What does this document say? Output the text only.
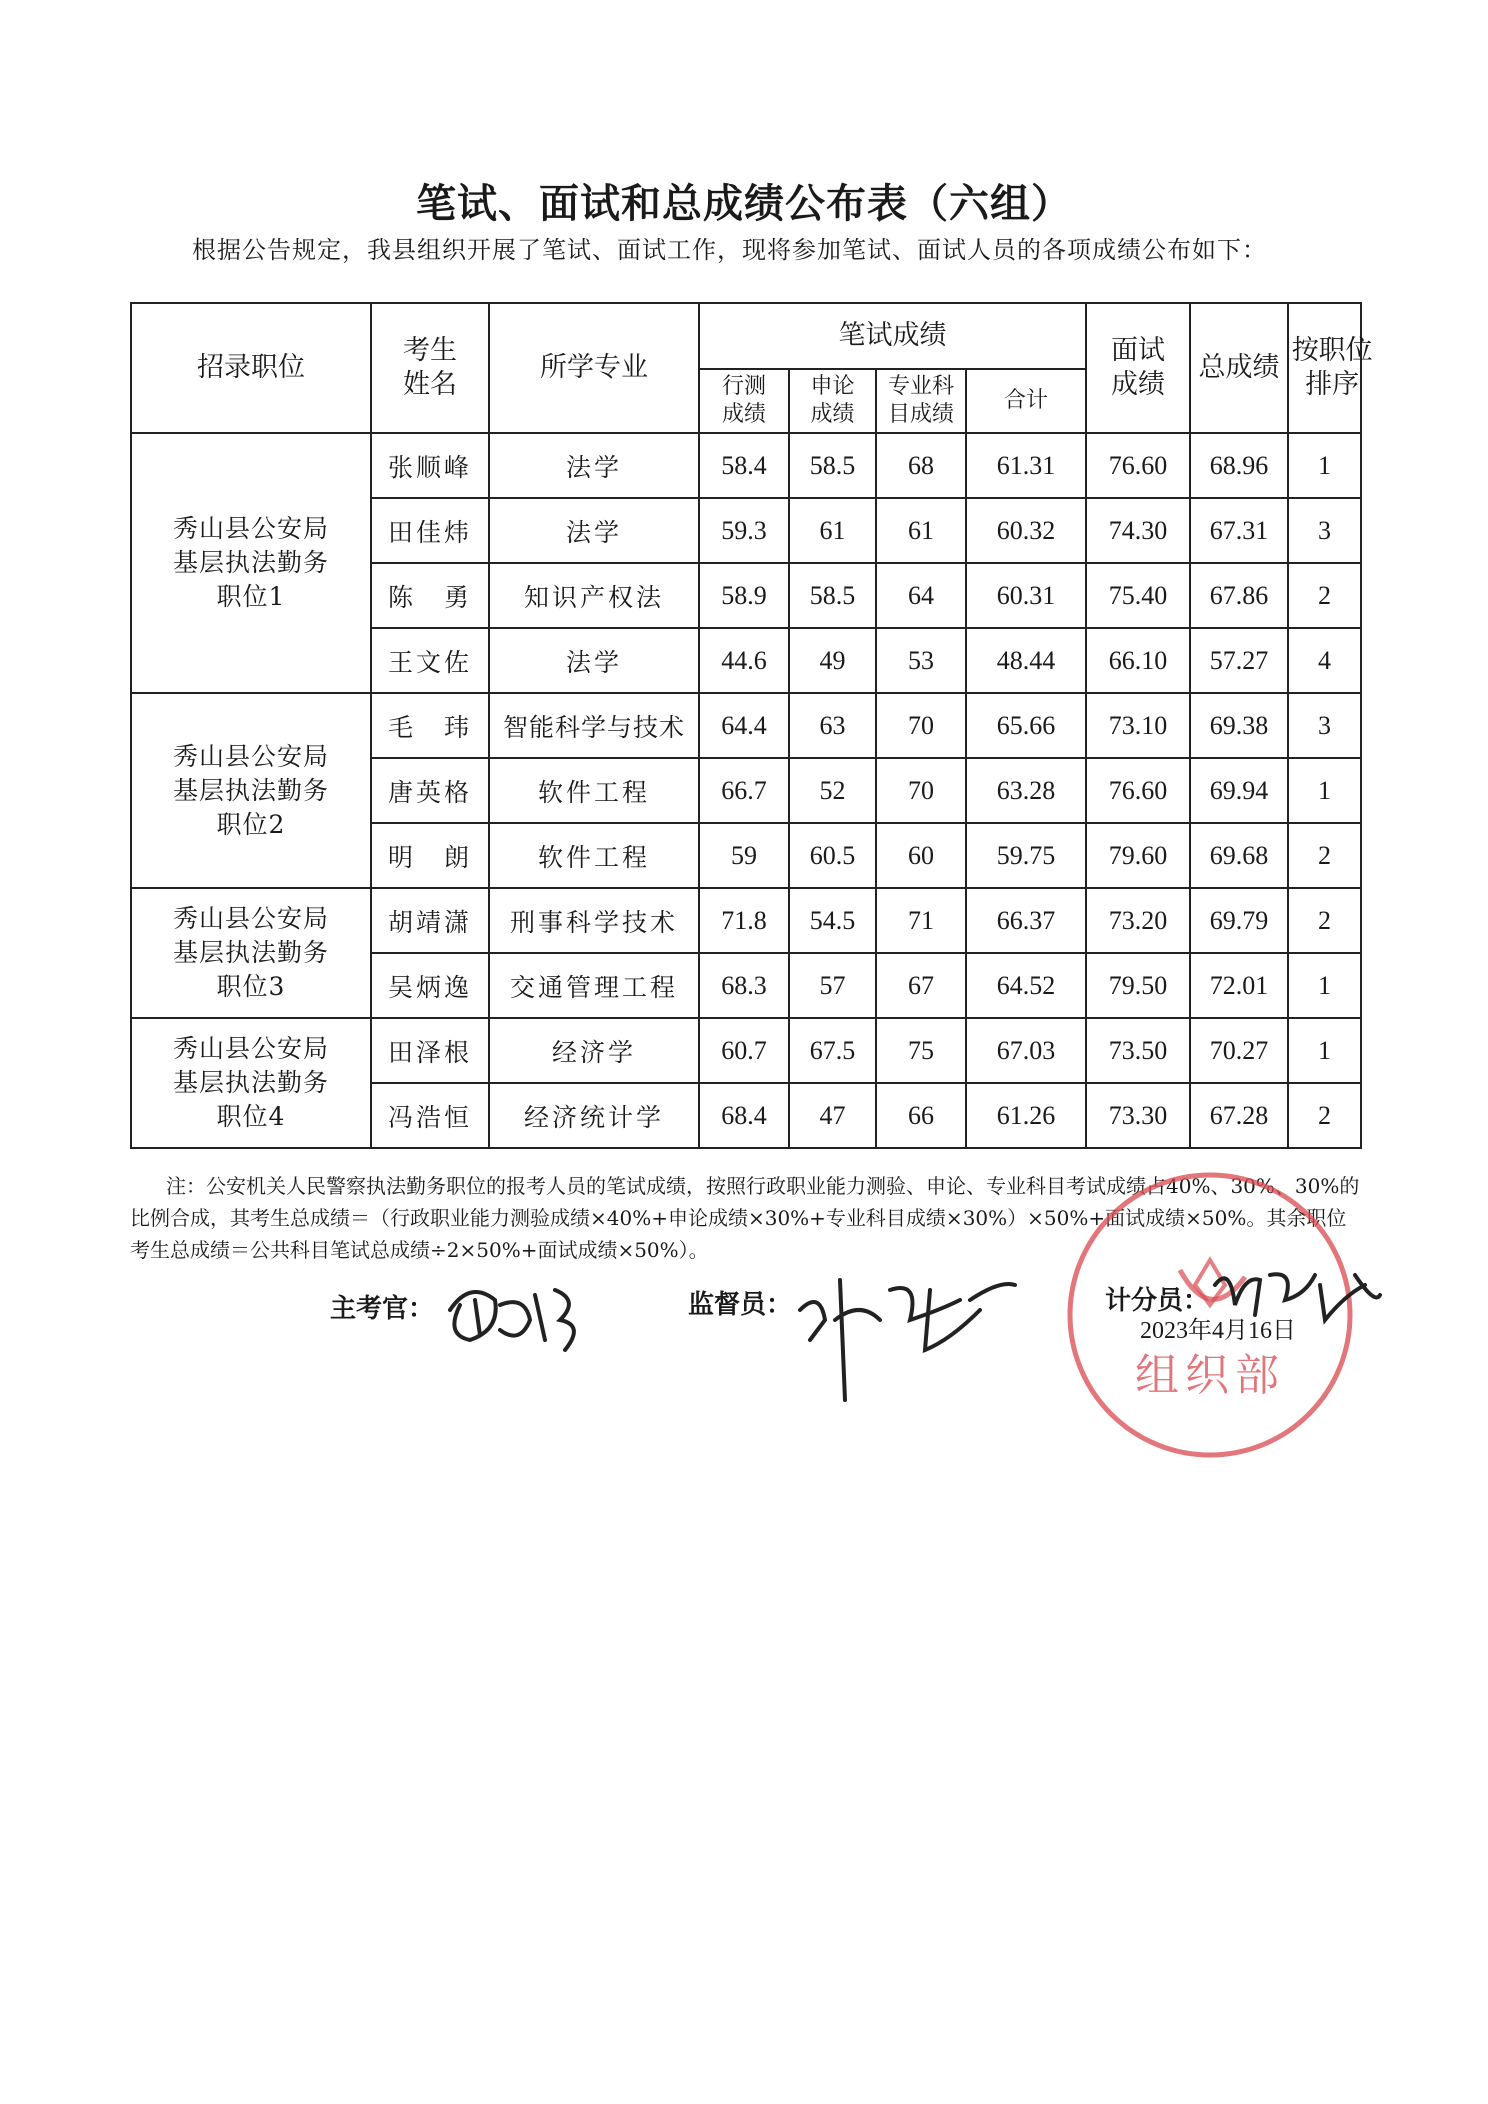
笔试、面试和总成绩公布表（六组）
根据公告规定，我县组织开展了笔试、面试工作，现将参加笔试、面试人员的各项成绩公布如下：
招录职位	考生姓名	所学专业	笔试成绩				面试成绩	总成绩	按职位排序

			行测成绩	申论成绩	专业科目成绩	合计			

秀山县公安局基层执法勤务职位1	张顺峰	法学	58.4	58.5	68	61.31	76.60	68.96	1
	田佳炜	法学	59.3	61	61	60.32	74.30	67.31	3
	陈　勇	知识产权法	58.9	58.5	64	60.31	75.40	67.86	2
	王文佐	法学	44.6	49	53	48.44	66.10	57.27	4

秀山县公安局基层执法勤务职位2	毛　玮	智能科学与技术	64.4	63	70	65.66	73.10	69.38	3
	唐英格	软件工程	66.7	52	70	63.28	76.60	69.94	1
	明　朗	软件工程	59	60.5	60	59.75	79.60	69.68	2

秀山县公安局基层执法勤务职位3	胡靖潇	刑事科学技术	71.8	54.5	71	66.37	73.20	69.79	2
	吴炳逸	交通管理工程	68.3	57	67	64.52	79.50	72.01	1

秀山县公安局基层执法勤务职位4	田泽根	经济学	60.7	67.5	75	67.03	73.50	70.27	1
	冯浩恒	经济统计学	68.4	47	66	61.26	73.30	67.28	2
注：公安机关人民警察执法勤务职位的报考人员的笔试成绩，按照行政职业能力测验、申论、专业科目考试成绩占40%、30%、30%的比例合成，其考生总成绩＝（行政职业能力测验成绩×40%+申论成绩×30%+专业科目成绩×30%）×50%+面试成绩×50%。其余职位考生总成绩＝公共科目笔试总成绩÷2×50%+面试成绩×50%）。
组织部
主考官：	监督员：	计分员：
2023年4月16日
